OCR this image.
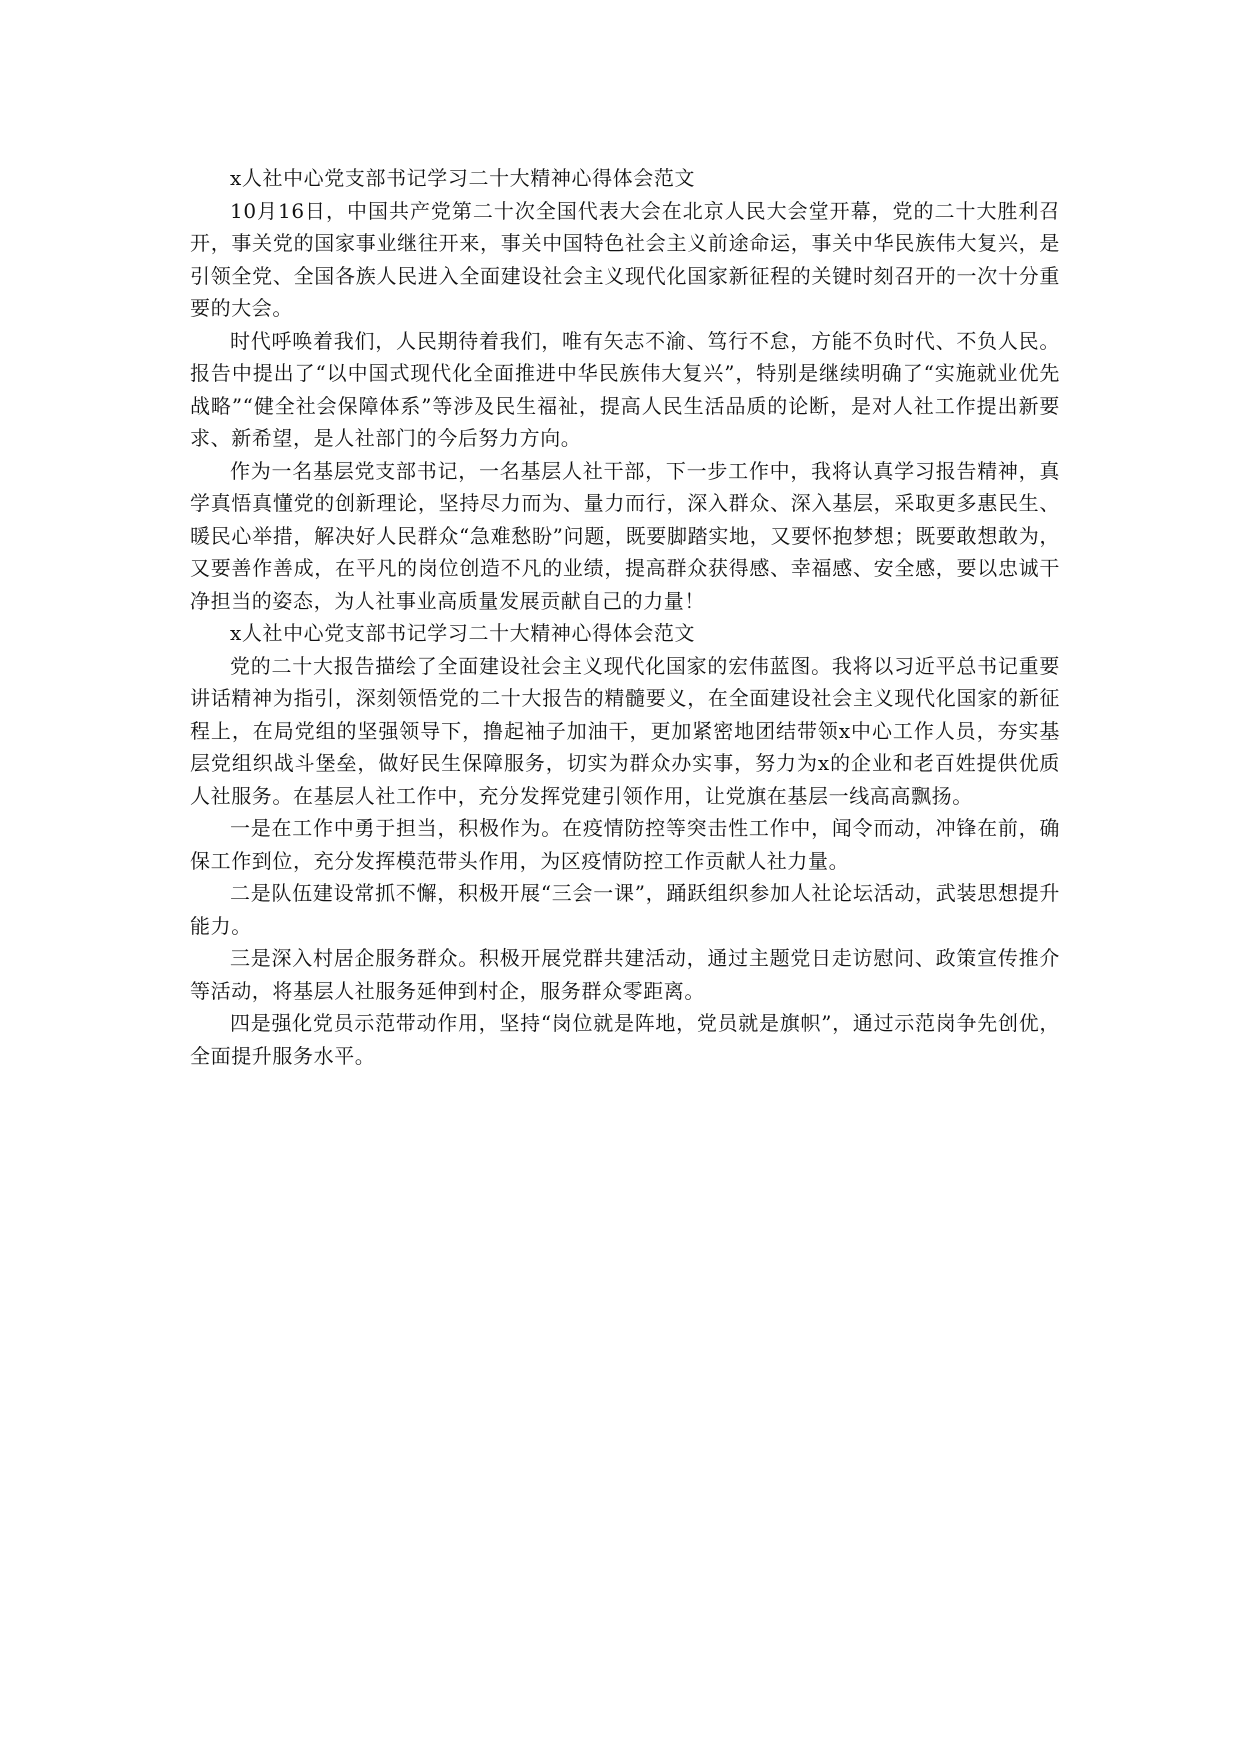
x人社中心党支部书记学习二十大精神心得体会范文

10月16日，中国共产党第二十次全国代表大会在北京人民大会堂开幕，党的二十大胜利召开，事关党的国家事业继往开来，事关中国特色社会主义前途命运，事关中华民族伟大复兴，是引领全党、全国各族人民进入全面建设社会主义现代化国家新征程的关键时刻召开的一次十分重要的大会。

时代呼唤着我们，人民期待着我们，唯有矢志不渝、笃行不怠，方能不负时代、不负人民。报告中提出了“以中国式现代化全面推进中华民族伟大复兴”，特别是继续明确了“实施就业优先战略”“健全社会保障体系”等涉及民生福祉，提高人民生活品质的论断，是对人社工作提出新要求、新希望，是人社部门的今后努力方向。

作为一名基层党支部书记，一名基层人社干部，下一步工作中，我将认真学习报告精神，真学真悟真懂党的创新理论，坚持尽力而为、量力而行，深入群众、深入基层，采取更多惠民生、暖民心举措，解决好人民群众“急难愁盼”问题，既要脚踏实地，又要怀抱梦想；既要敢想敢为，又要善作善成，在平凡的岗位创造不凡的业绩，提高群众获得感、幸福感、安全感，要以忠诚干净担当的姿态，为人社事业高质量发展贡献自己的力量！

x人社中心党支部书记学习二十大精神心得体会范文

党的二十大报告描绘了全面建设社会主义现代化国家的宏伟蓝图。我将以习近平总书记重要讲话精神为指引，深刻领悟党的二十大报告的精髓要义，在全面建设社会主义现代化国家的新征程上，在局党组的坚强领导下，撸起袖子加油干，更加紧密地团结带领x中心工作人员，夯实基层党组织战斗堡垒，做好民生保障服务，切实为群众办实事，努力为x的企业和老百姓提供优质人社服务。在基层人社工作中，充分发挥党建引领作用，让党旗在基层一线高高飘扬。

一是在工作中勇于担当，积极作为。在疫情防控等突击性工作中，闻令而动，冲锋在前，确保工作到位，充分发挥模范带头作用，为区疫情防控工作贡献人社力量。

二是队伍建设常抓不懈，积极开展“三会一课”，踊跃组织参加人社论坛活动，武装思想提升能力。

三是深入村居企服务群众。积极开展党群共建活动，通过主题党日走访慰问、政策宣传推介等活动，将基层人社服务延伸到村企，服务群众零距离。

四是强化党员示范带动作用，坚持“岗位就是阵地，党员就是旗帜”，通过示范岗争先创优，全面提升服务水平。
